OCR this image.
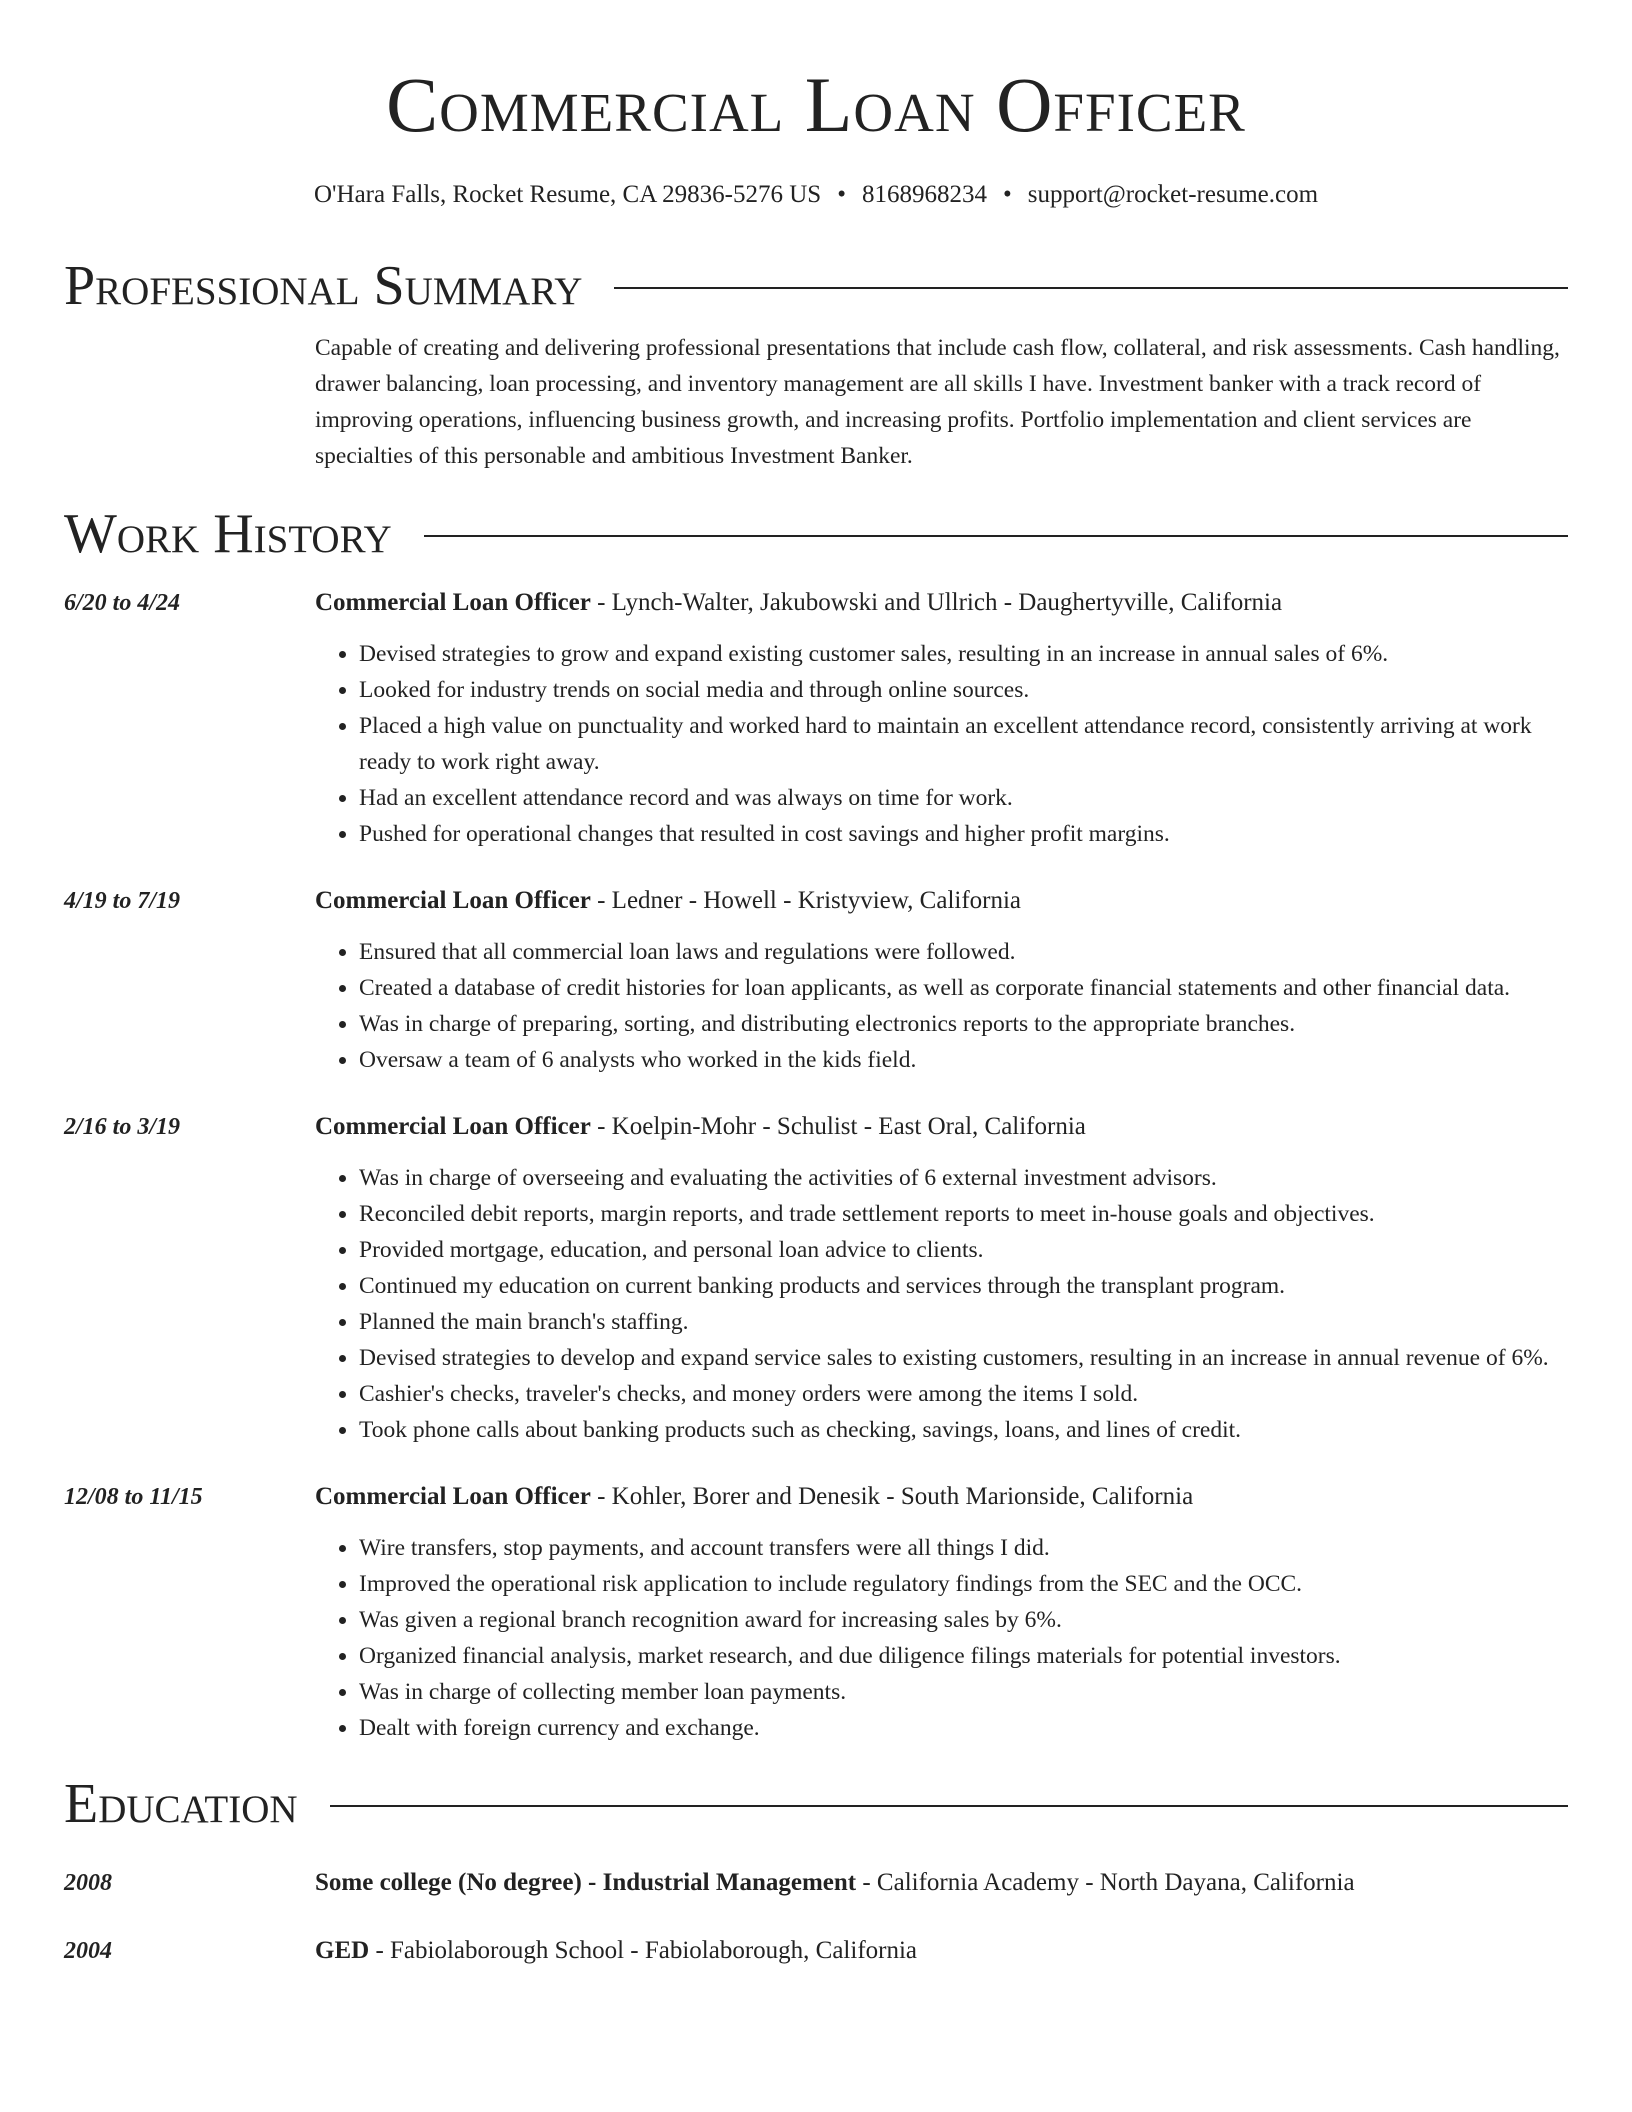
Commercial Loan Officer
O'Hara Falls, Rocket Resume, CA 29836-5276 US • 8168968234 • support@rocket-resume.com
Professional Summary
Capable of creating and delivering professional presentations that include cash flow, collateral, and risk assessments. Cash handling, drawer balancing, loan processing, and inventory management are all skills I have. Investment banker with a track record of improving operations, influencing business growth, and increasing profits. Portfolio implementation and client services are specialties of this personable and ambitious Investment Banker.
Work History
6/20 to 4/24	Commercial Loan Officer - Lynch-Walter, Jakubowski and Ullrich - Daughertyville, California
• Devised strategies to grow and expand existing customer sales, resulting in an increase in annual sales of 6%.
• Looked for industry trends on social media and through online sources.
• Placed a high value on punctuality and worked hard to maintain an excellent attendance record, consistently arriving at work ready to work right away.
• Had an excellent attendance record and was always on time for work.
• Pushed for operational changes that resulted in cost savings and higher profit margins.
4/19 to 7/19	Commercial Loan Officer - Ledner - Howell - Kristyview, California
• Ensured that all commercial loan laws and regulations were followed.
• Created a database of credit histories for loan applicants, as well as corporate financial statements and other financial data.
• Was in charge of preparing, sorting, and distributing electronics reports to the appropriate branches.
• Oversaw a team of 6 analysts who worked in the kids field.
2/16 to 3/19	Commercial Loan Officer - Koelpin-Mohr - Schulist - East Oral, California
• Was in charge of overseeing and evaluating the activities of 6 external investment advisors.
• Reconciled debit reports, margin reports, and trade settlement reports to meet in-house goals and objectives.
• Provided mortgage, education, and personal loan advice to clients.
• Continued my education on current banking products and services through the transplant program.
• Planned the main branch's staffing.
• Devised strategies to develop and expand service sales to existing customers, resulting in an increase in annual revenue of 6%.
• Cashier's checks, traveler's checks, and money orders were among the items I sold.
• Took phone calls about banking products such as checking, savings, loans, and lines of credit.
12/08 to 11/15	Commercial Loan Officer - Kohler, Borer and Denesik - South Marionside, California
• Wire transfers, stop payments, and account transfers were all things I did.
• Improved the operational risk application to include regulatory findings from the SEC and the OCC.
• Was given a regional branch recognition award for increasing sales by 6%.
• Organized financial analysis, market research, and due diligence filings materials for potential investors.
• Was in charge of collecting member loan payments.
• Dealt with foreign currency and exchange.
Education
2008	Some college (No degree) - Industrial Management - California Academy - North Dayana, California
2004	GED - Fabiolaborough School - Fabiolaborough, California
